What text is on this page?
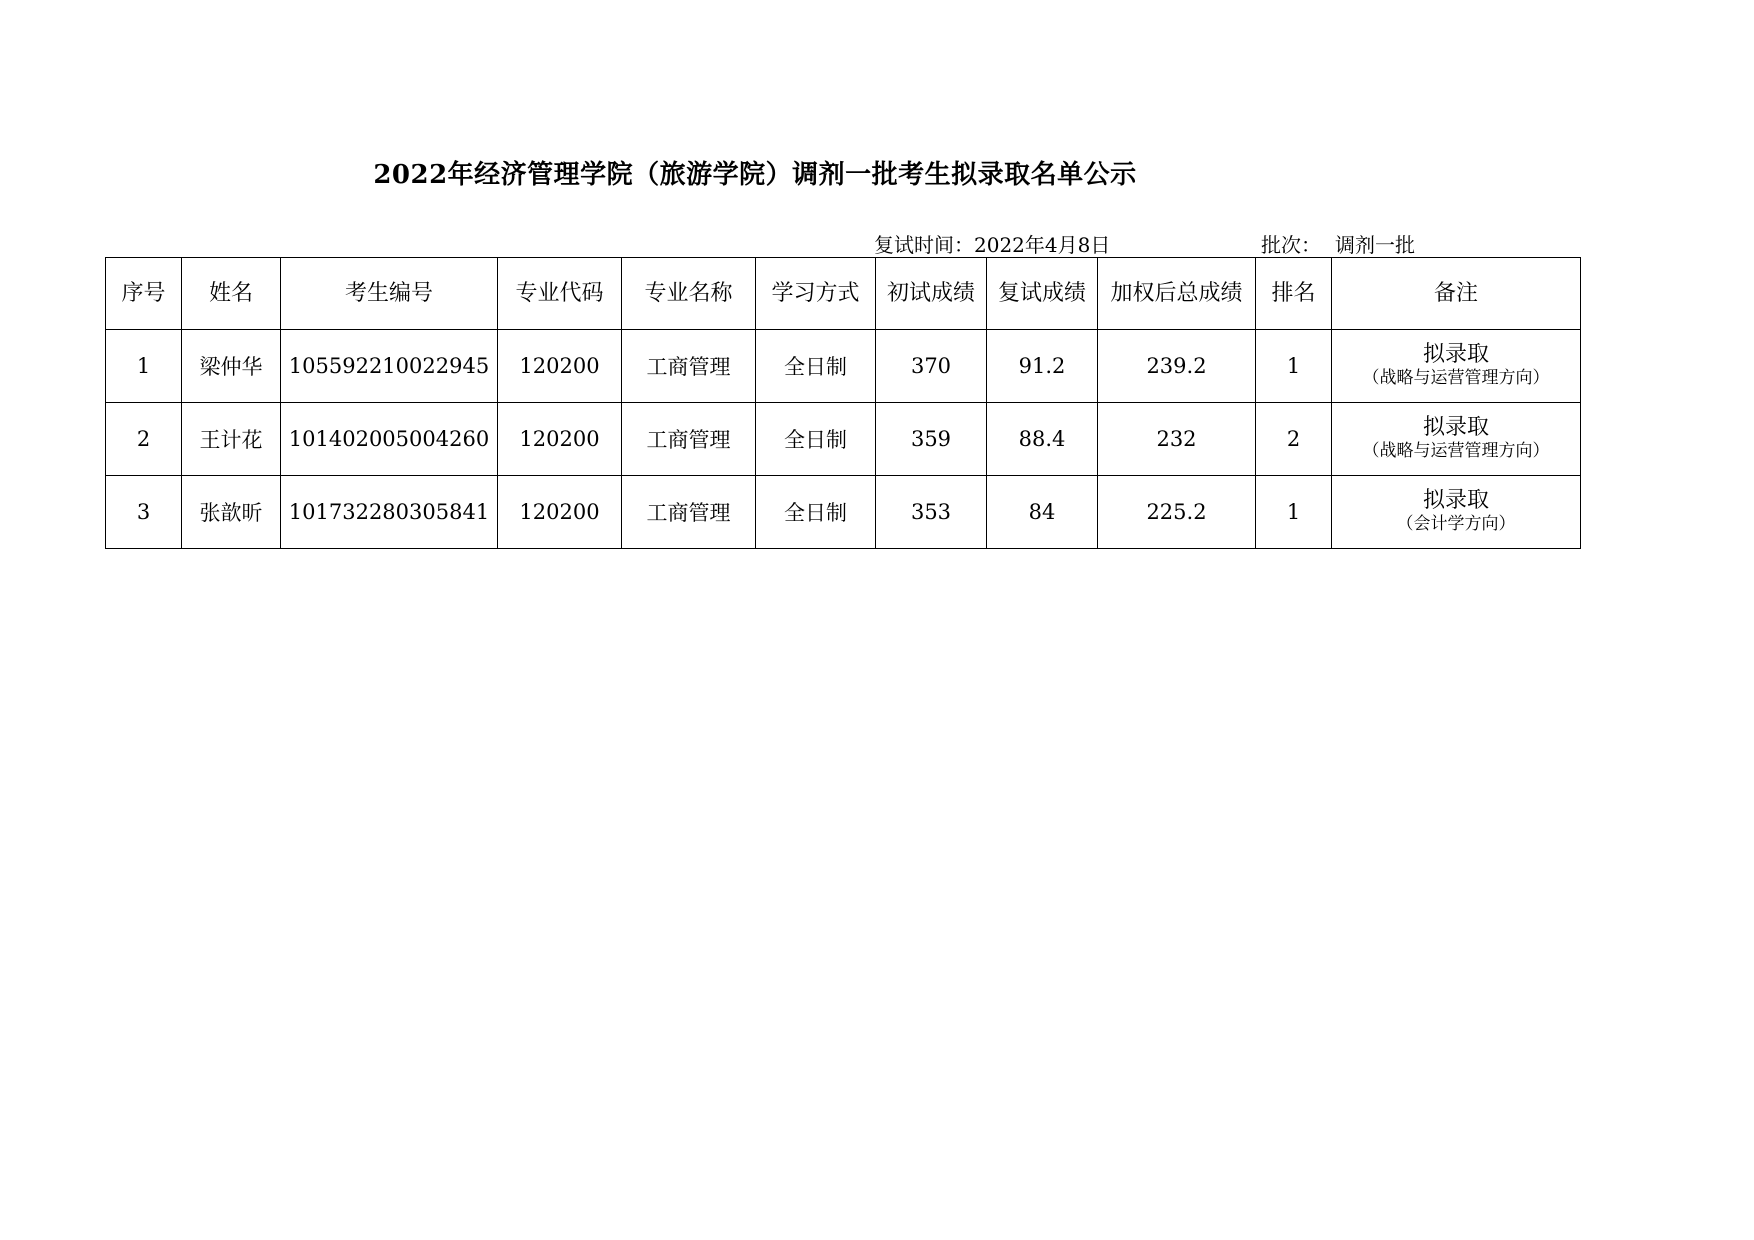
2022年经济管理学院（旅游学院）调剂一批考生拟录取名单公示
复试时间：2022年4月8日	批次： 调剂一批
序号	姓名	考生编号	专业代码	专业名称	学习方式	初试成绩	复试成绩	加权后总成绩	排名	备注
1	梁仲华	105592210022945	120200	工商管理	全日制	370	91.2	239.2	1	拟录取
（战略与运营管理方向）

2	王计花	101402005004260	120200	工商管理	全日制	359	88.4	232	2	拟录取
（战略与运营管理方向）

3	张歆昕	101732280305841	120200	工商管理	全日制	353	84	225.2	1	拟录取
（会计学方向）
